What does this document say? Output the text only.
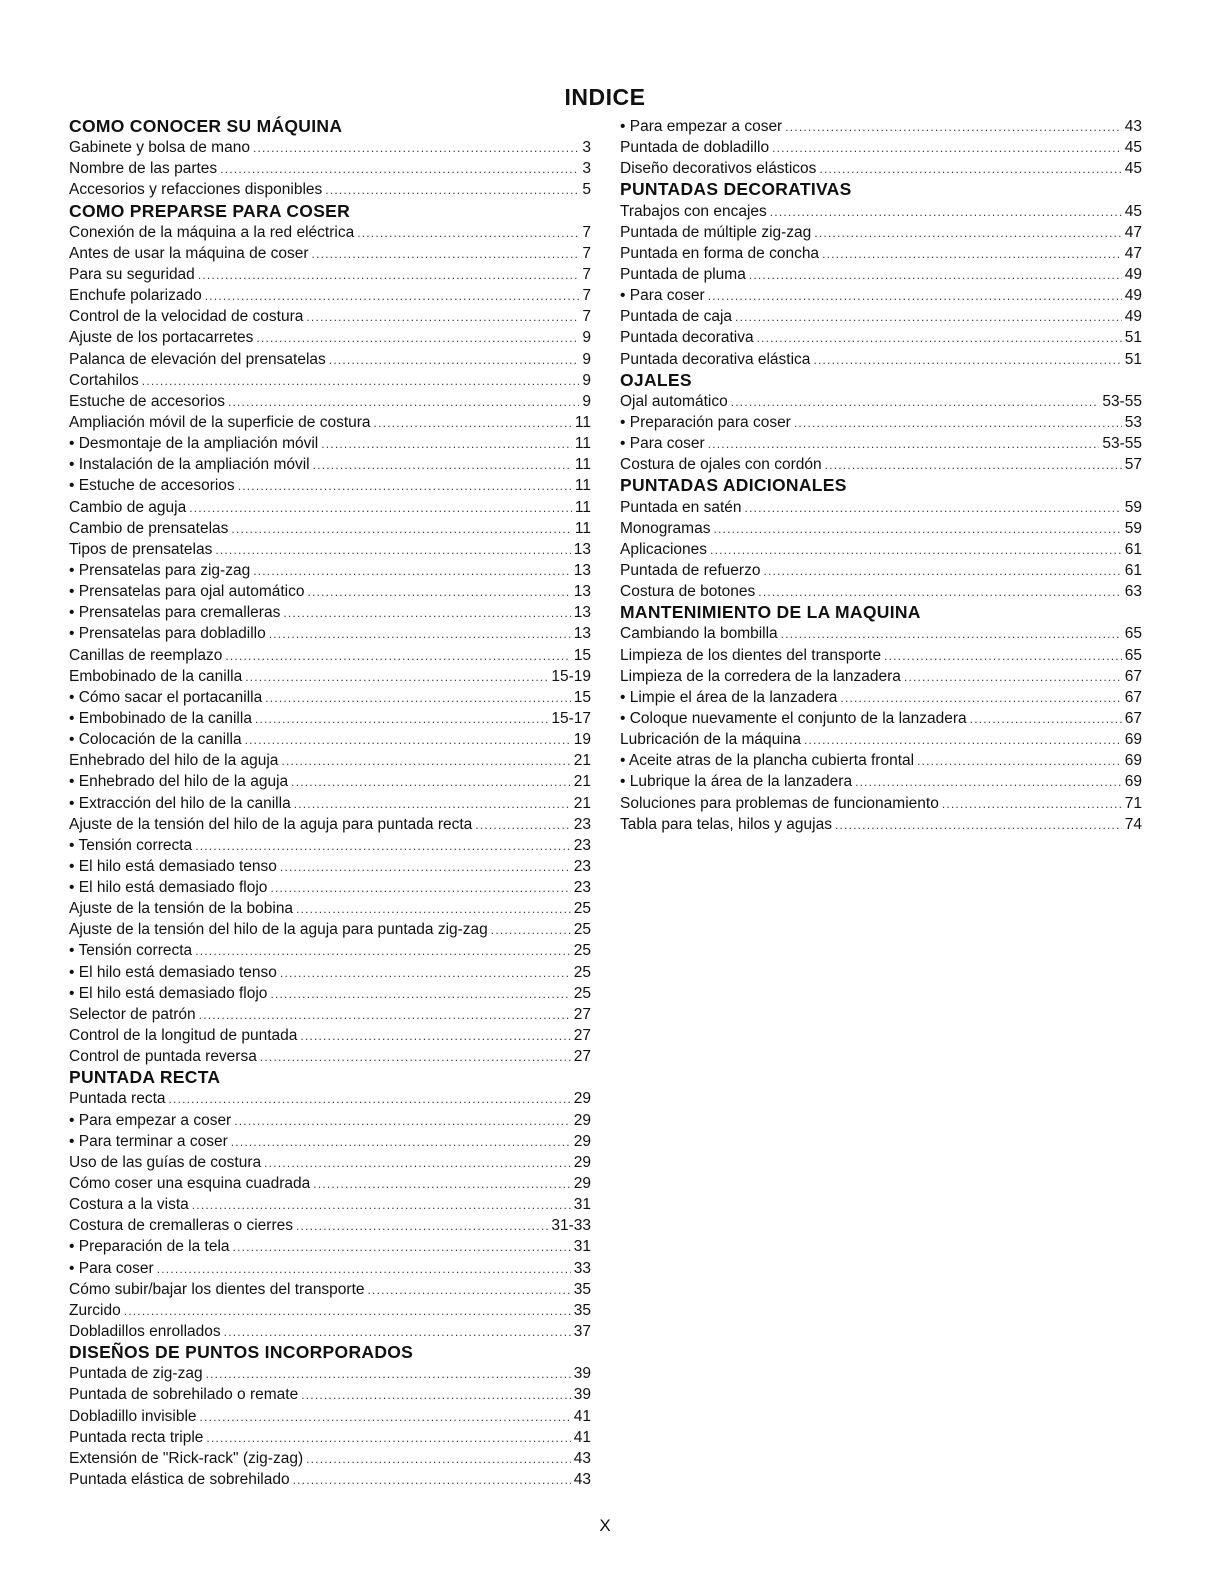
INDICE
COMO CONOCER SU MÁQUINA
Gabinete y bolsa de mano .....	3
Nombre de las partes .....	3
Accesorios y refacciones disponibles .....	5
COMO PREPARSE PARA COSER
Conexión de la máquina a la red eléctrica .....	7
Antes de usar la máquina de coser .....	7
Para su seguridad .....	7
Enchufe polarizado .....	7
Control de la velocidad de costura .....	7
Ajuste de los portacarretes .....	9
Palanca de elevación del prensatelas .....	9
Cortahilos .....	9
Estuche de accesorios .....	9
Ampliación móvil de la superficie de costura .....	11
• Desmontaje de la ampliación móvil .....	11
• Instalación de la ampliación móvil .....	11
• Estuche de accesorios .....	11
Cambio de aguja .....	11
Cambio de prensatelas .....	11
Tipos de prensatelas .....	13
• Prensatelas para zig-zag .....	13
• Prensatelas para ojal automático .....	13
• Prensatelas para cremalleras .....	13
• Prensatelas para dobladillo .....	13
Canillas de reemplazo .....	15
Embobinado de la canilla .....	15-19
• Cómo sacar el portacanilla .....	15
• Embobinado de la canilla .....	15-17
• Colocación de la canilla .....	19
Enhebrado del hilo de la aguja .....	21
• Enhebrado del hilo de la aguja .....	21
• Extracción del hilo de la canilla .....	21
Ajuste de la tensión del hilo de la aguja para puntada recta .....	23
• Tensión correcta .....	23
• El hilo está demasiado tenso .....	23
• El hilo está demasiado flojo .....	23
Ajuste de la tensión de la bobina .....	25
Ajuste de la tensión del hilo de la aguja para puntada zig-zag .....	25
• Tensión correcta .....	25
• El hilo está demasiado tenso .....	25
• El hilo está demasiado flojo .....	25
Selector de patrón .....	27
Control de la longitud de puntada .....	27
Control de puntada reversa .....	27
PUNTADA RECTA
Puntada recta .....	29
• Para empezar a coser .....	29
• Para terminar a coser .....	29
Uso de las guías de costura .....	29
Cómo coser una esquina cuadrada .....	29
Costura a la vista .....	31
Costura de cremalleras o cierres .....	31-33
• Preparación de la tela .....	31
• Para coser .....	33
Cómo subir/bajar los dientes del transporte .....	35
Zurcido .....	35
Dobladillos enrollados .....	37
DISEÑOS DE PUNTOS INCORPORADOS
Puntada de zig-zag .....	39
Puntada de sobrehilado o remate .....	39
Dobladillo invisible .....	41
Puntada recta triple .....	41
Extensión de "Rick-rack" (zig-zag) .....	43
Puntada elástica de sobrehilado .....	43
• Para empezar a coser .....	43
Puntada de dobladillo .....	45
Diseño decorativos elásticos .....	45
PUNTADAS DECORATIVAS
Trabajos con encajes .....	45
Puntada de múltiple zig-zag .....	47
Puntada en forma de concha .....	47
Puntada de pluma .....	49
• Para coser .....	49
Puntada de caja .....	49
Puntada decorativa .....	51
Puntada decorativa elástica .....	51
OJALES
Ojal automático .....	53-55
• Preparación para coser .....	53
• Para coser .....	53-55
Costura de ojales con cordón .....	57
PUNTADAS ADICIONALES
Puntada en satén .....	59
Monogramas .....	59
Aplicaciones .....	61
Puntada de refuerzo .....	61
Costura de botones .....	63
MANTENIMIENTO DE LA MAQUINA
Cambiando la bombilla .....	65
Limpieza de los dientes del transporte .....	65
Limpieza de la corredera de la lanzadera .....	67
• Limpie el área de la lanzadera .....	67
• Coloque nuevamente el conjunto de la lanzadera .....	67
Lubricación de la máquina .....	69
• Aceite atras de la plancha cubierta frontal .....	69
• Lubrique la área de la lanzadera .....	69
Soluciones para problemas de funcionamiento .....	71
Tabla para telas, hilos y agujas .....	74
X
